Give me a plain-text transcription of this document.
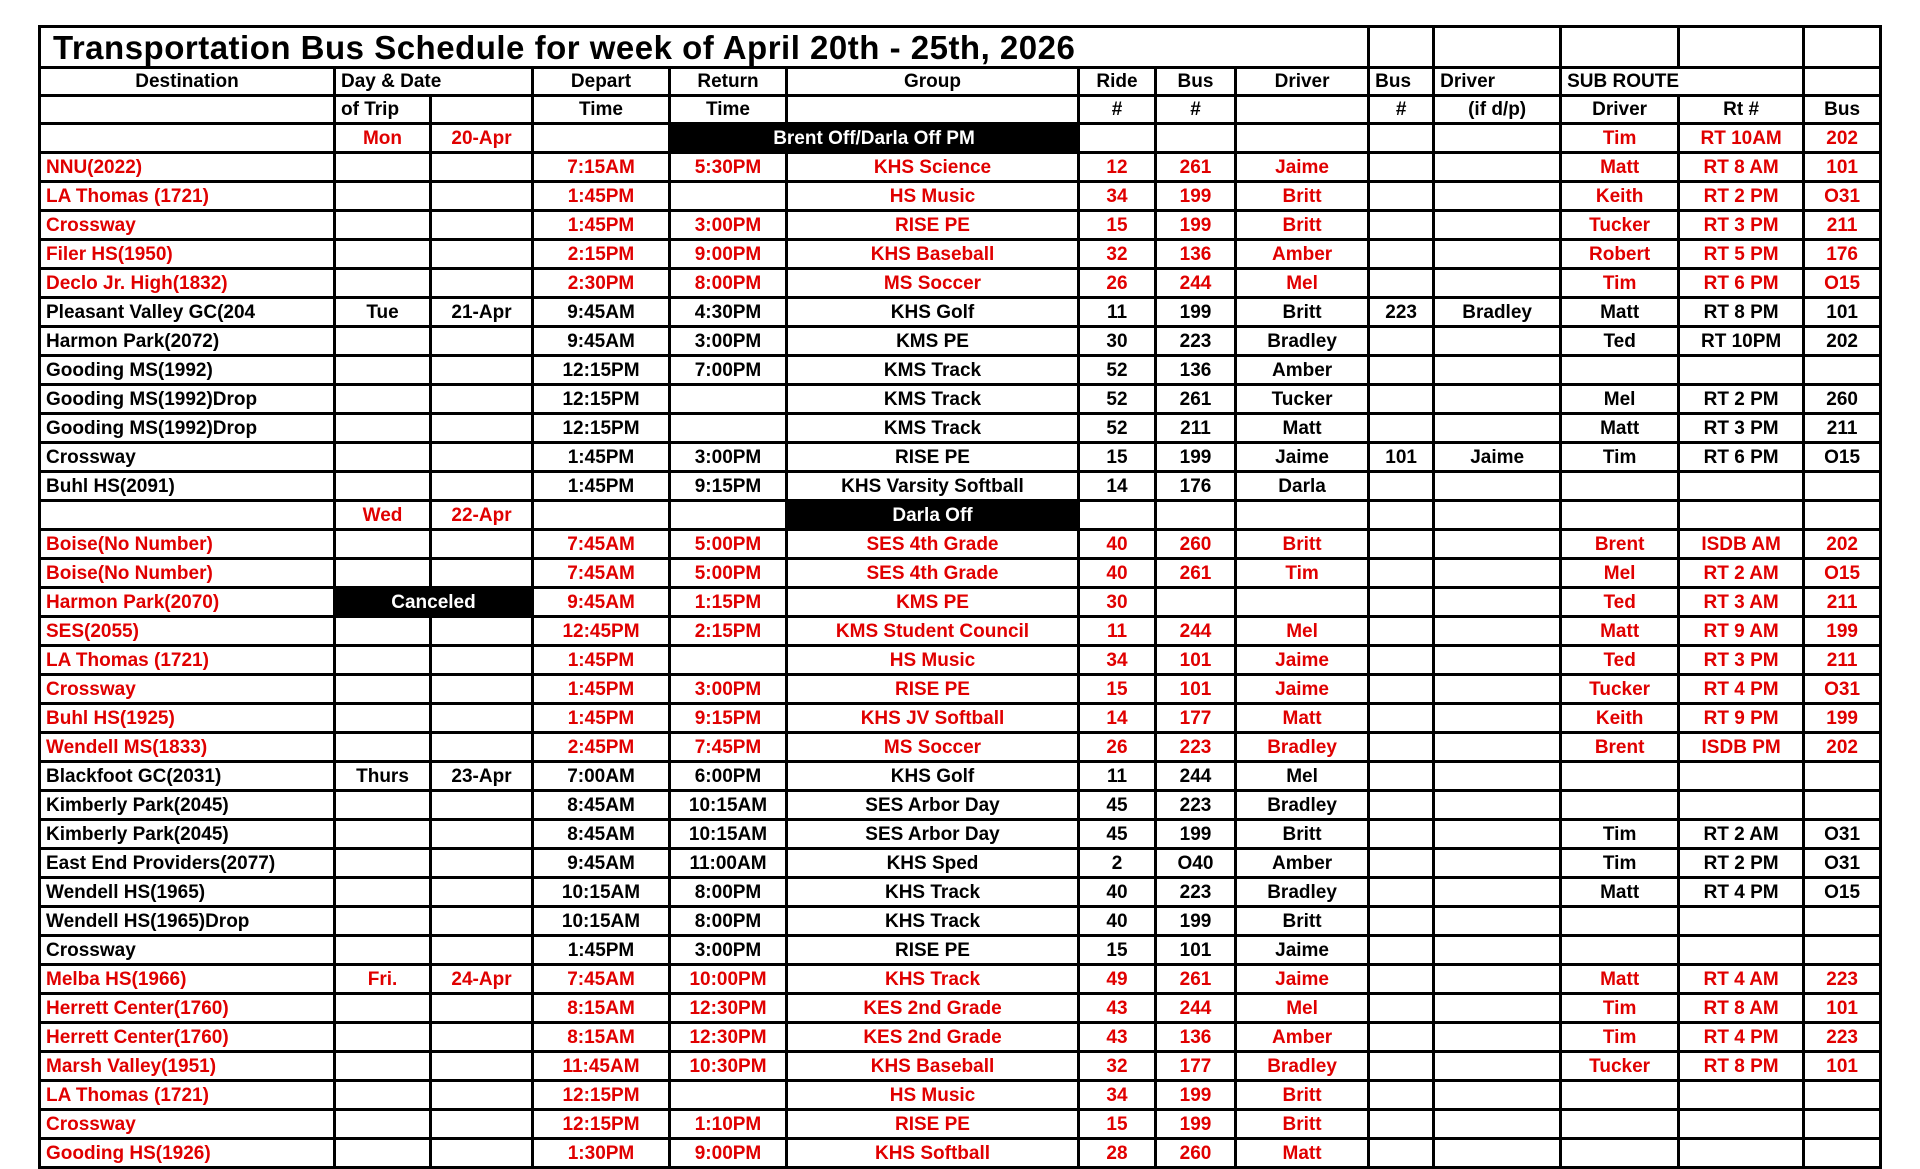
Transportation Bus Schedule for week of April 20th - 25th, 2026													
Destination	Day & Date		Depart	Return	Group	Ride	Bus	Driver	Bus	Driver	SUB ROUTE		
	of Trip		Time	Time		#	#		#	(if d/p)	Driver	Rt #	Bus
	Mon	20-Apr		Brent Off/Darla Off PM							Tim	RT 10AM	202
NNU(2022)			7:15AM	5:30PM	KHS Science	12	261	Jaime			Matt	RT 8 AM	101
LA Thomas (1721)			1:45PM		HS Music	34	199	Britt			Keith	RT 2 PM	O31
Crossway			1:45PM	3:00PM	RISE PE	15	199	Britt			Tucker	RT 3 PM	211
Filer HS(1950)			2:15PM	9:00PM	KHS Baseball	32	136	Amber			Robert	RT 5 PM	176
Declo Jr. High(1832)			2:30PM	8:00PM	MS Soccer	26	244	Mel			Tim	RT 6 PM	O15
Pleasant Valley GC(204	Tue	21-Apr	9:45AM	4:30PM	KHS Golf	11	199	Britt	223	Bradley	Matt	RT 8 PM	101
Harmon Park(2072)			9:45AM	3:00PM	KMS PE	30	223	Bradley			Ted	RT 10PM	202
Gooding MS(1992)			12:15PM	7:00PM	KMS Track	52	136	Amber					
Gooding MS(1992)Drop			12:15PM		KMS Track	52	261	Tucker			Mel	RT 2 PM	260
Gooding MS(1992)Drop			12:15PM		KMS Track	52	211	Matt			Matt	RT 3 PM	211
Crossway			1:45PM	3:00PM	RISE PE	15	199	Jaime	101	Jaime	Tim	RT 6 PM	O15
Buhl HS(2091)			1:45PM	9:15PM	KHS Varsity Softball	14	176	Darla					
	Wed	22-Apr			Darla Off								
Boise(No Number)			7:45AM	5:00PM	SES 4th Grade	40	260	Britt			Brent	ISDB AM	202
Boise(No Number)			7:45AM	5:00PM	SES 4th Grade	40	261	Tim			Mel	RT 2 AM	O15
Harmon Park(2070)	Canceled		9:45AM	1:15PM	KMS PE	30					Ted	RT 3 AM	211
SES(2055)			12:45PM	2:15PM	KMS Student Council	11	244	Mel			Matt	RT 9 AM	199
LA Thomas (1721)			1:45PM		HS Music	34	101	Jaime			Ted	RT 3 PM	211
Crossway			1:45PM	3:00PM	RISE PE	15	101	Jaime			Tucker	RT 4 PM	O31
Buhl HS(1925)			1:45PM	9:15PM	KHS JV Softball	14	177	Matt			Keith	RT 9 PM	199
Wendell MS(1833)			2:45PM	7:45PM	MS Soccer	26	223	Bradley			Brent	ISDB PM	202
Blackfoot GC(2031)	Thurs	23-Apr	7:00AM	6:00PM	KHS Golf	11	244	Mel					
Kimberly Park(2045)			8:45AM	10:15AM	SES Arbor Day	45	223	Bradley					
Kimberly Park(2045)			8:45AM	10:15AM	SES Arbor Day	45	199	Britt			Tim	RT 2 AM	O31
East End Providers(2077)			9:45AM	11:00AM	KHS Sped	2	O40	Amber			Tim	RT 2 PM	O31
Wendell HS(1965)			10:15AM	8:00PM	KHS Track	40	223	Bradley			Matt	RT 4 PM	O15
Wendell HS(1965)Drop			10:15AM	8:00PM	KHS Track	40	199	Britt					
Crossway			1:45PM	3:00PM	RISE PE	15	101	Jaime					
Melba HS(1966)	Fri.	24-Apr	7:45AM	10:00PM	KHS Track	49	261	Jaime			Matt	RT 4 AM	223
Herrett Center(1760)			8:15AM	12:30PM	KES 2nd Grade	43	244	Mel			Tim	RT 8 AM	101
Herrett Center(1760)			8:15AM	12:30PM	KES 2nd Grade	43	136	Amber			Tim	RT 4 PM	223
Marsh Valley(1951)			11:45AM	10:30PM	KHS Baseball	32	177	Bradley			Tucker	RT 8 PM	101
LA Thomas (1721)			12:15PM		HS Music	34	199	Britt					
Crossway			12:15PM	1:10PM	RISE PE	15	199	Britt					
Gooding HS(1926)			1:30PM	9:00PM	KHS Softball	28	260	Matt					
